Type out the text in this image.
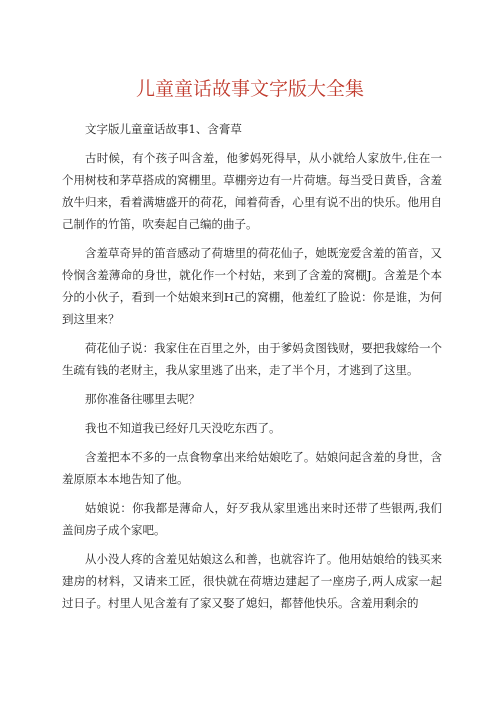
儿童童话故事文字版大全集

文字版儿童童话故事1、含膏草

古时候，有个孩子叫含羞，他爹妈死得早，从小就给人家放牛,住在一个用树枝和茅草搭成的窝棚里。草棚旁边有一片荷塘。每当受日黄昏，含羞放牛归来，看着满塘盛开的荷花，闻着荷香，心里有说不出的快乐。他用自己制作的竹笛，吹奏起自己编的曲子。

含羞草奇异的笛音感动了荷塘里的荷花仙子，她既宠爱含羞的笛音，又怜悯含羞薄命的身世，就化作一个村姑，来到了含羞的窝棚J。含羞是个本分的小伙子，看到一个姑娘来到H己的窝棚，他羞红了脸说：你是谁，为何到这里来？

荷花仙子说：我家住在百里之外，由于爹妈贪图钱财，要把我嫁给一个生疏有钱的老财主，我从家里逃了出来，走了半个月，才逃到了这里。

那你准备往哪里去呢？

我也不知道我已经好几天没吃东西了。

含羞把本不多的一点食物拿出来给姑娘吃了。姑娘问起含羞的身世，含羞原原本本地告知了他。

姑娘说：你我都是薄命人，好歹我从家里逃出来时还带了些银两,我们盖间房子成个家吧。

从小没人疼的含羞见姑娘这么和善，也就容许了。他用姑娘给的钱买来建房的材料，又请来工匠，很快就在荷塘边建起了一座房子,两人成家一起过日子。村里人见含羞有了家又娶了媳妇，都替他快乐。含羞用剩余的
